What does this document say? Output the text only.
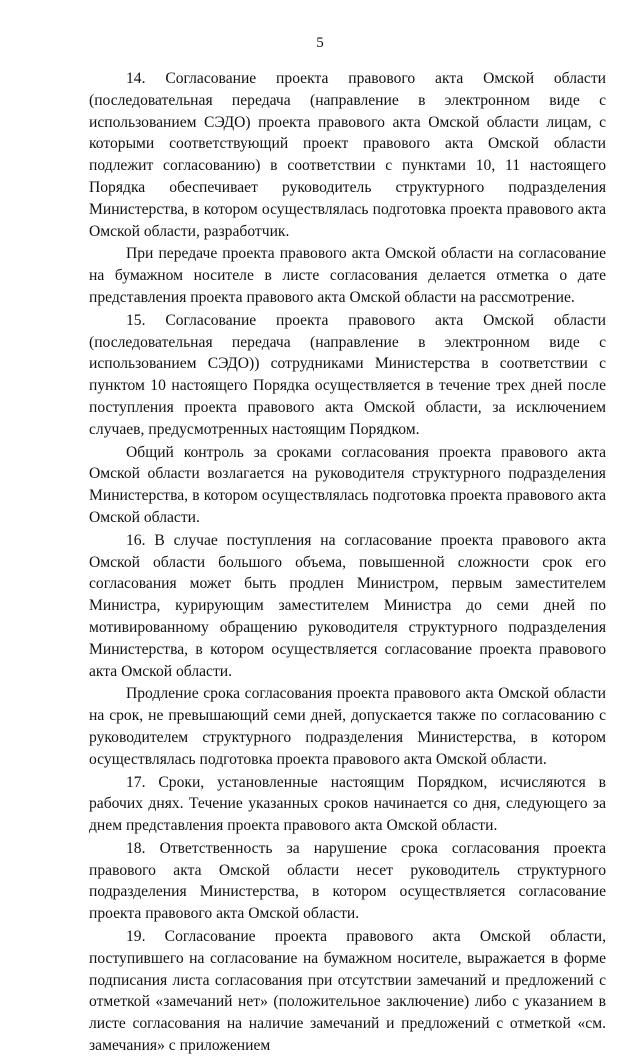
5

14. Согласование проекта правового акта Омской области (последовательная передача (направление в электронном виде с использованием СЭДО) проекта правового акта Омской области лицам, с которыми соответствующий проект правового акта Омской области подлежит согласованию) в соответствии с пунктами 10, 11 настоящего Порядка обеспечивает руководитель структурного подразделения Министерства, в котором осуществлялась подготовка проекта правового акта Омской области, разработчик.

При передаче проекта правового акта Омской области на согласование на бумажном носителе в листе согласования делается отметка о дате представления проекта правового акта Омской области на рассмотрение.

15. Согласование проекта правового акта Омской области (последовательная передача (направление в электронном виде с использованием СЭДО)) сотрудниками Министерства в соответствии с пунктом 10 настоящего Порядка осуществляется в течение трех дней после поступления проекта правового акта Омской области, за исключением случаев, предусмотренных настоящим Порядком.

Общий контроль за сроками согласования проекта правового акта Омской области возлагается на руководителя структурного подразделения Министерства, в котором осуществлялась подготовка проекта правового акта Омской области.

16. В случае поступления на согласование проекта правового акта Омской области большого объема, повышенной сложности срок его согласования может быть продлен Министром, первым заместителем Министра, курирующим заместителем Министра до семи дней по мотивированному обращению руководителя структурного подразделения Министерства, в котором осуществляется согласование проекта правового акта Омской области.

Продление срока согласования проекта правового акта Омской области на срок, не превышающий семи дней, допускается также по согласованию с руководителем структурного подразделения Министерства, в котором осуществлялась подготовка проекта правового акта Омской области.

17. Сроки, установленные настоящим Порядком, исчисляются в рабочих днях. Течение указанных сроков начинается со дня, следующего за днем представления проекта правового акта Омской области.

18. Ответственность за нарушение срока согласования проекта правового акта Омской области несет руководитель структурного подразделения Министерства, в котором осуществляется согласование проекта правового акта Омской области.

19. Согласование проекта правового акта Омской области, поступившего на согласование на бумажном носителе, выражается в форме подписания листа согласования при отсутствии замечаний и предложений с отметкой «замечаний нет» (положительное заключение) либо с указанием в листе согласования на наличие замечаний и предложений с отметкой «см. замечания» с приложением
